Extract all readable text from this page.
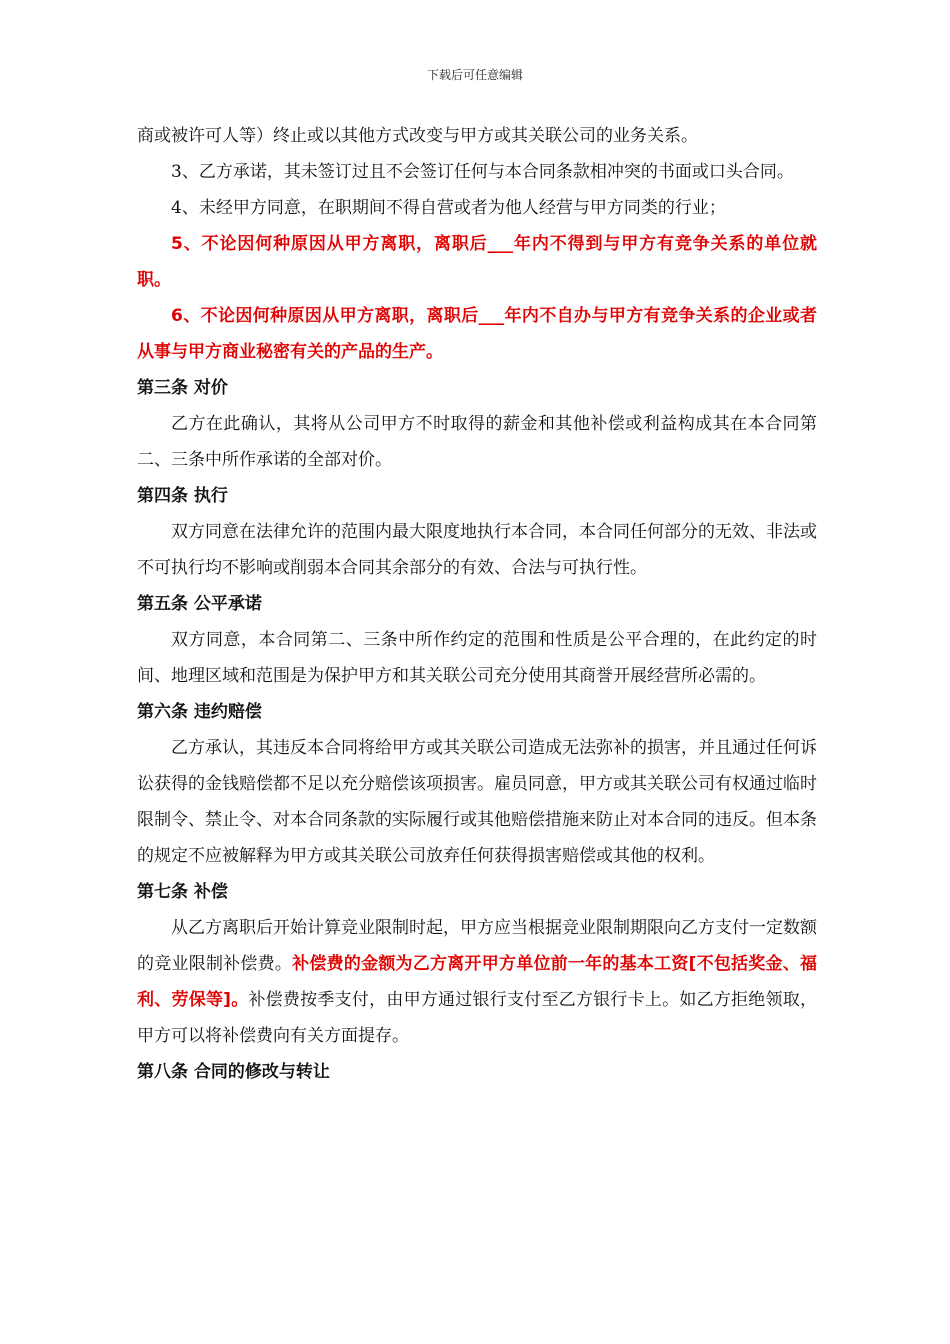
下载后可任意编辑

商或被许可人等）终止或以其他方式改变与甲方或其关联公司的业务关系。

3、乙方承诺，其未签订过且不会签订任何与本合同条款相冲突的书面或口头合同。

4、未经甲方同意，在职期间不得自营或者为他人经营与甲方同类的行业；

5、不论因何种原因从甲方离职，离职后___年内不得到与甲方有竞争关系的单位就职。

6、不论因何种原因从甲方离职，离职后___年内不自办与甲方有竞争关系的企业或者从事与甲方商业秘密有关的产品的生产。

第三条 对价

乙方在此确认，其将从公司甲方不时取得的薪金和其他补偿或利益构成其在本合同第二、三条中所作承诺的全部对价。

第四条 执行

双方同意在法律允许的范围内最大限度地执行本合同，本合同任何部分的无效、非法或不可执行均不影响或削弱本合同其余部分的有效、合法与可执行性。

第五条 公平承诺

双方同意，本合同第二、三条中所作约定的范围和性质是公平合理的，在此约定的时间、地理区域和范围是为保护甲方和其关联公司充分使用其商誉开展经营所必需的。

第六条 违约赔偿

乙方承认，其违反本合同将给甲方或其关联公司造成无法弥补的损害，并且通过任何诉讼获得的金钱赔偿都不足以充分赔偿该项损害。雇员同意，甲方或其关联公司有权通过临时限制令、禁止令、对本合同条款的实际履行或其他赔偿措施来防止对本合同的违反。但本条的规定不应被解释为甲方或其关联公司放弃任何获得损害赔偿或其他的权利。

第七条 补偿

从乙方离职后开始计算竞业限制时起，甲方应当根据竞业限制期限向乙方支付一定数额的竞业限制补偿费。补偿费的金额为乙方离开甲方单位前一年的基本工资[不包括奖金、福利、劳保等]。补偿费按季支付，由甲方通过银行支付至乙方银行卡上。如乙方拒绝领取，甲方可以将补偿费向有关方面提存。

第八条 合同的修改与转让
